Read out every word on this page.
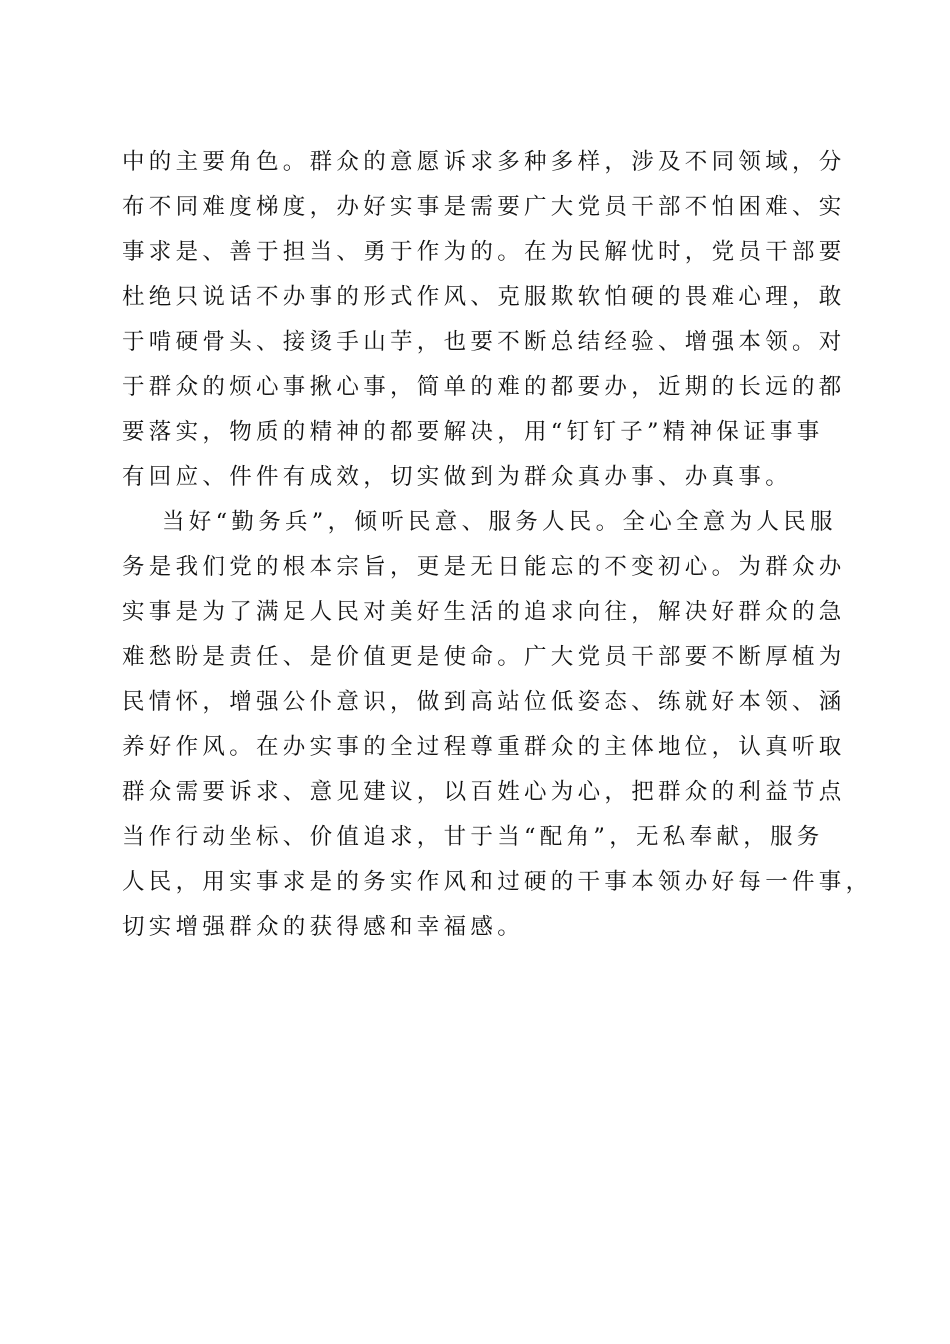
中的主要角色。群众的意愿诉求多种多样，涉及不同领域，分
布不同难度梯度，办好实事是需要广大党员干部不怕困难、实
事求是、善于担当、勇于作为的。在为民解忧时，党员干部要
杜绝只说话不办事的形式作风、克服欺软怕硬的畏难心理，敢
于啃硬骨头、接烫手山芋，也要不断总结经验、增强本领。对
于群众的烦心事揪心事，简单的难的都要办，近期的长远的都
要落实，物质的精神的都要解决，用“钉钉子”精神保证事事
有回应、件件有成效，切实做到为群众真办事、办真事。
当好“勤务兵”，倾听民意、服务人民。全心全意为人民服
务是我们党的根本宗旨，更是无日能忘的不变初心。为群众办
实事是为了满足人民对美好生活的追求向往，解决好群众的急
难愁盼是责任、是价值更是使命。广大党员干部要不断厚植为
民情怀，增强公仆意识，做到高站位低姿态、练就好本领、涵
养好作风。在办实事的全过程尊重群众的主体地位，认真听取
群众需要诉求、意见建议，以百姓心为心，把群众的利益节点
当作行动坐标、价值追求，甘于当“配角”，无私奉献，服务
人民，用实事求是的务实作风和过硬的干事本领办好每一件事，
切实增强群众的获得感和幸福感。
